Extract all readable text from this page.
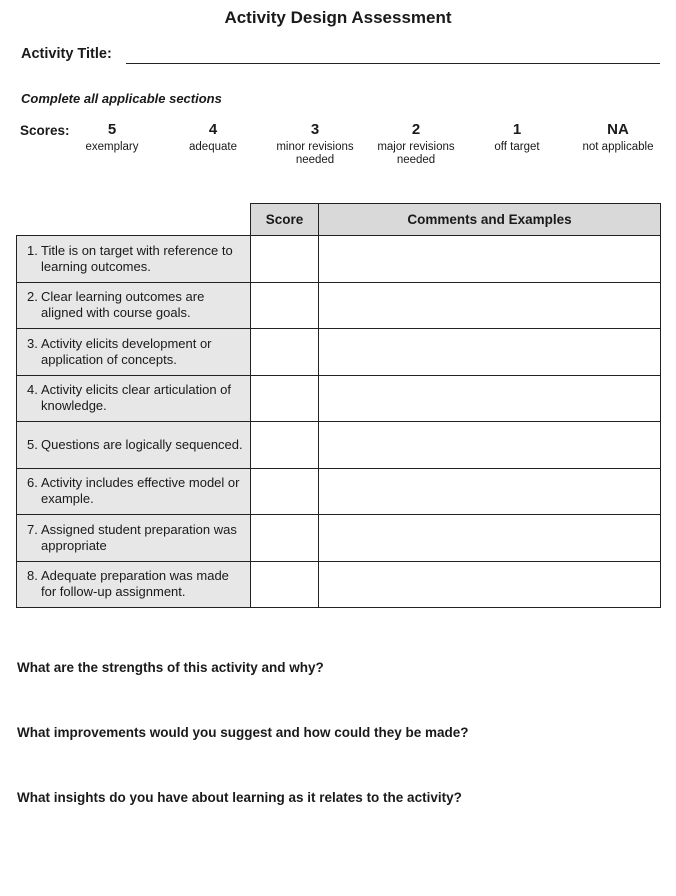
Activity Design Assessment
Activity Title:
Complete all applicable sections
Scores:	5
exemplary
4
adequate
3
minor revisions
needed
2
major revisions
needed
1
off target
NA
not applicable
	Score	Comments and Examples

1. Title is on target with reference to learning outcomes.		

2. Clear learning outcomes are aligned with course goals.		

3. Activity elicits development or application of concepts.		

4. Activity elicits clear articulation of knowledge.		

5. Questions are logically sequenced.		

6. Activity includes effective model or example.		

7. Assigned student preparation was appropriate		

8. Adequate preparation was made for follow-up assignment.		

What are the strengths of this activity and why?
What improvements would you suggest and how could they be made?
What insights do you have about learning as it relates to the activity?
